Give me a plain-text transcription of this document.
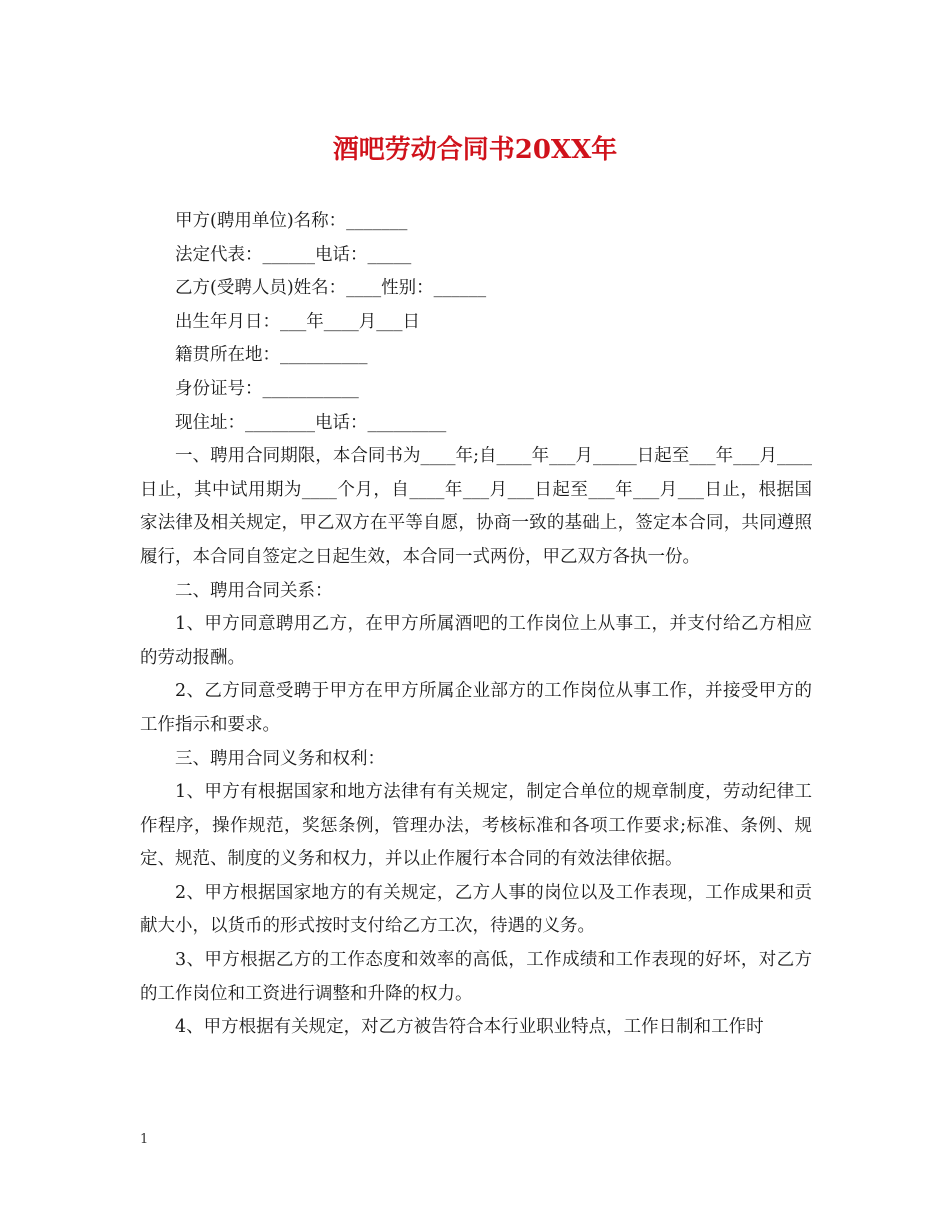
酒吧劳动合同书20XX年

甲方(聘用单位)名称：_______

法定代表：______电话：_____

乙方(受聘人员)姓名：____性别：______

出生年月日：___年____月___日

籍贯所在地：__________

身份证号：___________

现住址：________电话：_________

一、聘用合同期限，本合同书为____年;自____年___月_____日起至___年___月____日止，其中试用期为____个月，自____年___月___日起至___年___月___日止，根据国家法律及相关规定，甲乙双方在平等自愿，协商一致的基础上，签定本合同，共同遵照履行，本合同自签定之日起生效，本合同一式两份，甲乙双方各执一份。

二、聘用合同关系：

1、甲方同意聘用乙方，在甲方所属酒吧的工作岗位上从事工，并支付给乙方相应的劳动报酬。

2、乙方同意受聘于甲方在甲方所属企业部方的工作岗位从事工作，并接受甲方的工作指示和要求。

三、聘用合同义务和权利：

1、甲方有根据国家和地方法律有有关规定，制定合单位的规章制度，劳动纪律工作程序，操作规范，奖惩条例，管理办法，考核标准和各项工作要求;标准、条例、规定、规范、制度的义务和权力，并以止作履行本合同的有效法律依据。

2、甲方根据国家地方的有关规定，乙方人事的岗位以及工作表现，工作成果和贡献大小，以货币的形式按时支付给乙方工次，待遇的义务。

3、甲方根据乙方的工作态度和效率的高低，工作成绩和工作表现的好坏，对乙方的工作岗位和工资进行调整和升降的权力。

4、甲方根据有关规定，对乙方被告符合本行业职业特点，工作日制和工作时

1
